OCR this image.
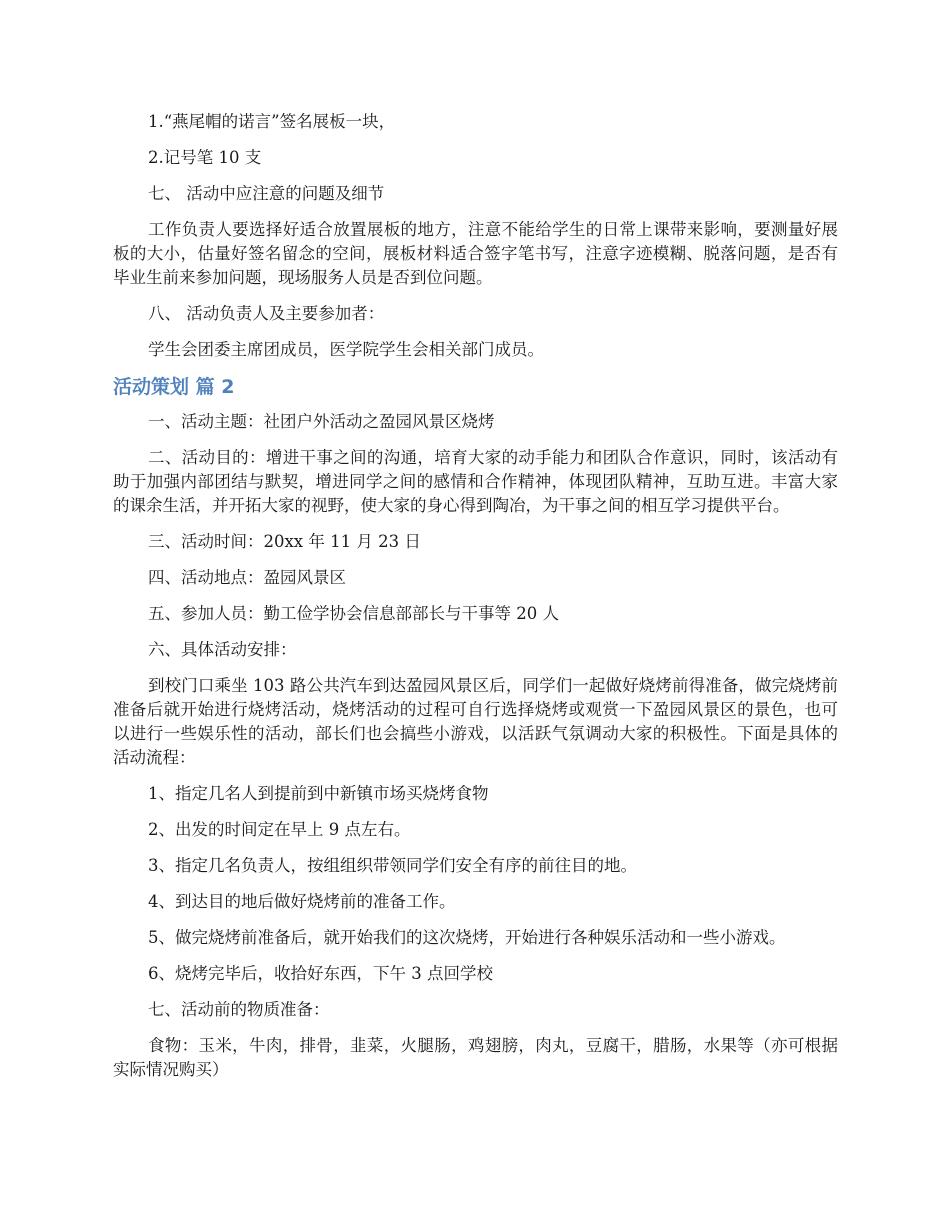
1.“燕尾帽的诺言”签名展板一块，

2.记号笔 10 支

七、 活动中应注意的问题及细节

工作负责人要选择好适合放置展板的地方，注意不能给学生的日常上课带来影响，要测量好展板的大小，估量好签名留念的空间，展板材料适合签字笔书写，注意字迹模糊、脱落问题，是否有毕业生前来参加问题，现场服务人员是否到位问题。

八、 活动负责人及主要参加者：

学生会团委主席团成员，医学院学生会相关部门成员。

活动策划 篇 2

一、活动主题：社团户外活动之盈园风景区烧烤

二、活动目的：增进干事之间的沟通，培育大家的动手能力和团队合作意识，同时，该活动有助于加强内部团结与默契，增进同学之间的感情和合作精神，体现团队精神，互助互进。丰富大家的课余生活，并开拓大家的视野，使大家的身心得到陶冶，为干事之间的相互学习提供平台。

三、活动时间：20xx 年 11 月 23 日

四、活动地点：盈园风景区

五、参加人员：勤工俭学协会信息部部长与干事等 20 人

六、具体活动安排：

到校门口乘坐 103 路公共汽车到达盈园风景区后，同学们一起做好烧烤前得准备，做完烧烤前准备后就开始进行烧烤活动，烧烤活动的过程可自行选择烧烤或观赏一下盈园风景区的景色，也可以进行一些娱乐性的活动，部长们也会搞些小游戏，以活跃气氛调动大家的积极性。下面是具体的活动流程：

1、指定几名人到提前到中新镇市场买烧烤食物

2、出发的时间定在早上 9 点左右。

3、指定几名负责人，按组组织带领同学们安全有序的前往目的地。

4、到达目的地后做好烧烤前的准备工作。

5、做完烧烤前准备后，就开始我们的这次烧烤，开始进行各种娱乐活动和一些小游戏。

6、烧烤完毕后，收拾好东西，下午 3 点回学校

七、活动前的物质准备：

食物：玉米，牛肉，排骨，韭菜，火腿肠，鸡翅膀，肉丸，豆腐干，腊肠，水果等（亦可根据实际情况购买）
